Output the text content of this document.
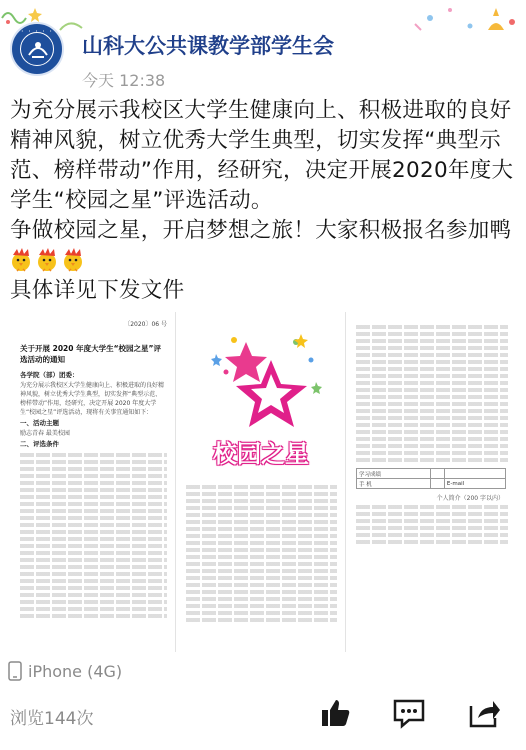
· · · · ·
山科大公共课教学部学生会
今天 12:38

为充分展示我校区大学生健康向上、积极进取的良好精神风貌，树立优秀大学生典型，切实发挥“典型示范、榜样带动”作用，经研究，决定开展2020年度大学生“校园之星”评选活动。

争做校园之星，开启梦想之旅！大家积极报名参加鸭

具体详见下发文件

〔2020〕06 号
关于开展 2020 年度大学生“校园之星”评选活动的通知
各学院（部）团委：
为充分展示我校区大学生健康向上、积极进取的良好精神风貌，树立优秀大学生典型，切实发挥“典型示范、榜样带动”作用，经研究，决定开展 2020 年度大学生“校园之星”评选活动，现将有关事宜通知如下：
一、活动主题
励志青春 最美校园
二、评选条件	校园之星
学习成绩		
手 机		E-mail
个人简介（200 字以内）
iPhone (4G)
浏览144次
